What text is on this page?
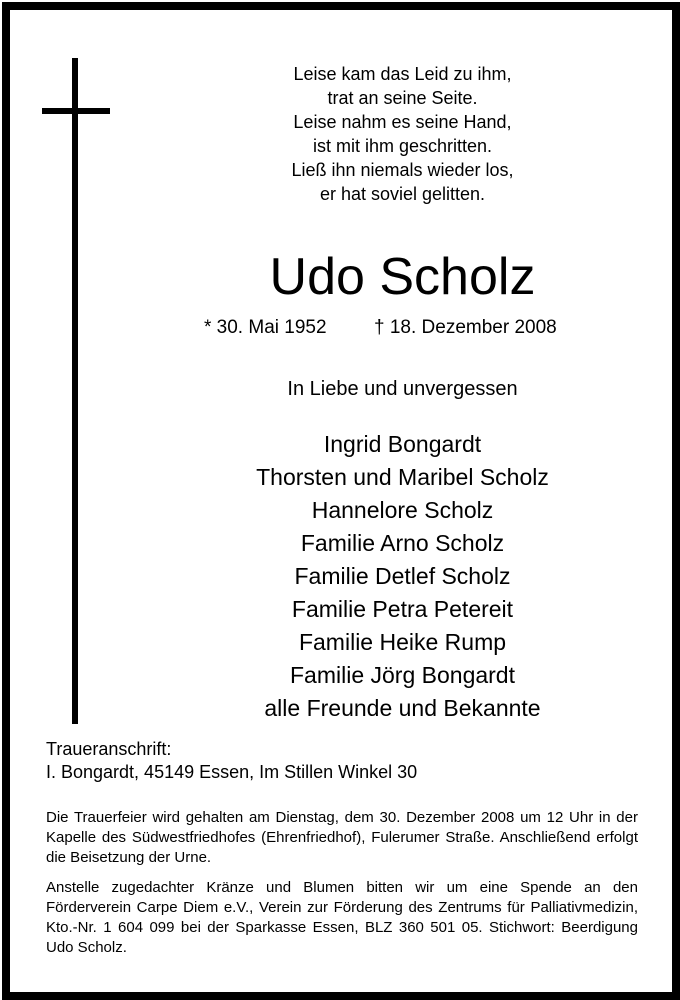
Leise kam das Leid zu ihm,
trat an seine Seite.
Leise nahm es seine Hand,
ist mit ihm geschritten.
Ließ ihn niemals wieder los,
er hat soviel gelitten.
Udo Scholz
* 30. Mai 1952 † 18. Dezember 2008
In Liebe und unvergessen
Ingrid Bongardt
Thorsten und Maribel Scholz
Hannelore Scholz
Familie Arno Scholz
Familie Detlef Scholz
Familie Petra Petereit
Familie Heike Rump
Familie Jörg Bongardt
alle Freunde und Bekannte
Traueranschrift:
I. Bongardt, 45149 Essen, Im Stillen Winkel 30
Die Trauerfeier wird gehalten am Dienstag, dem 30. Dezember 2008 um 12 Uhr in der Kapelle des Südwestfriedhofes (Ehrenfriedhof), Fulerumer Straße. Anschließend erfolgt die Beisetzung der Urne.
Anstelle zugedachter Kränze und Blumen bitten wir um eine Spende an den Förderverein Carpe Diem e.V., Verein zur Förderung des Zentrums für Palliativmedizin, Kto.-Nr. 1 604 099 bei der Sparkasse Essen, BLZ 360 501 05. Stichwort: Beerdigung Udo Scholz.
